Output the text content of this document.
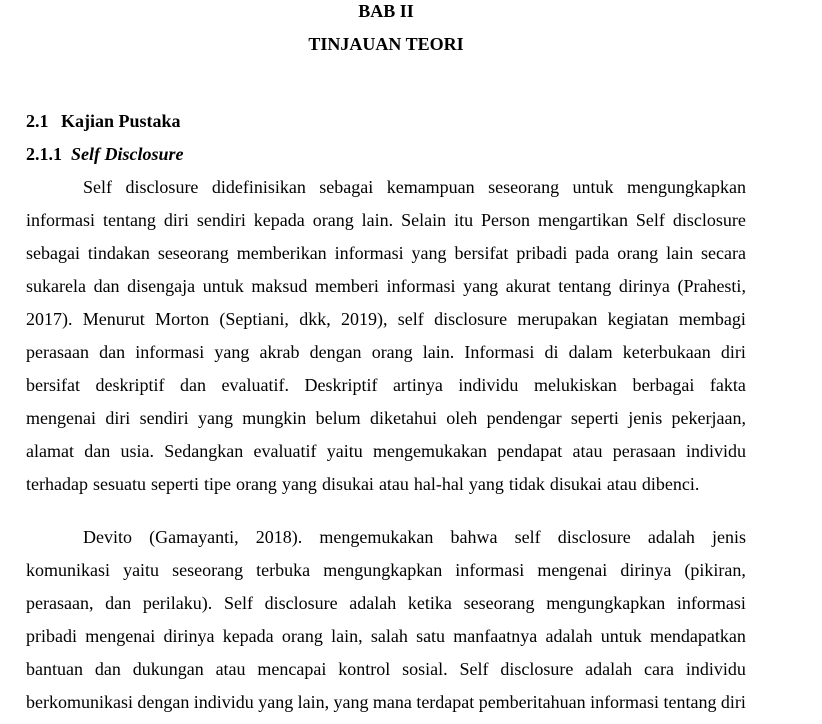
BAB II
TINJAUAN TEORI
2.1 Kajian Pustaka
2.1.1 Self Disclosure
Self disclosure didefinisikan sebagai kemampuan seseorang untuk mengungkapkan
informasi tentang diri sendiri kepada orang lain. Selain itu Person mengartikan Self disclosure
sebagai tindakan seseorang memberikan informasi yang bersifat pribadi pada orang lain secara
sukarela dan disengaja untuk maksud memberi informasi yang akurat tentang dirinya (Prahesti,
2017). Menurut Morton (Septiani, dkk, 2019), self disclosure merupakan kegiatan membagi
perasaan dan informasi yang akrab dengan orang lain. Informasi di dalam keterbukaan diri
bersifat deskriptif dan evaluatif. Deskriptif artinya individu melukiskan berbagai fakta
mengenai diri sendiri yang mungkin belum diketahui oleh pendengar seperti jenis pekerjaan,
alamat dan usia. Sedangkan evaluatif yaitu mengemukakan pendapat atau perasaan individu
terhadap sesuatu seperti tipe orang yang disukai atau hal-hal yang tidak disukai atau dibenci.
Devito (Gamayanti, 2018). mengemukakan bahwa self disclosure adalah jenis
komunikasi yaitu seseorang terbuka mengungkapkan informasi mengenai dirinya (pikiran,
perasaan, dan perilaku). Self disclosure adalah ketika seseorang mengungkapkan informasi
pribadi mengenai dirinya kepada orang lain, salah satu manfaatnya adalah untuk mendapatkan
bantuan dan dukungan atau mencapai kontrol sosial. Self disclosure adalah cara individu
berkomunikasi dengan individu yang lain, yang mana terdapat pemberitahuan informasi tentang diri
